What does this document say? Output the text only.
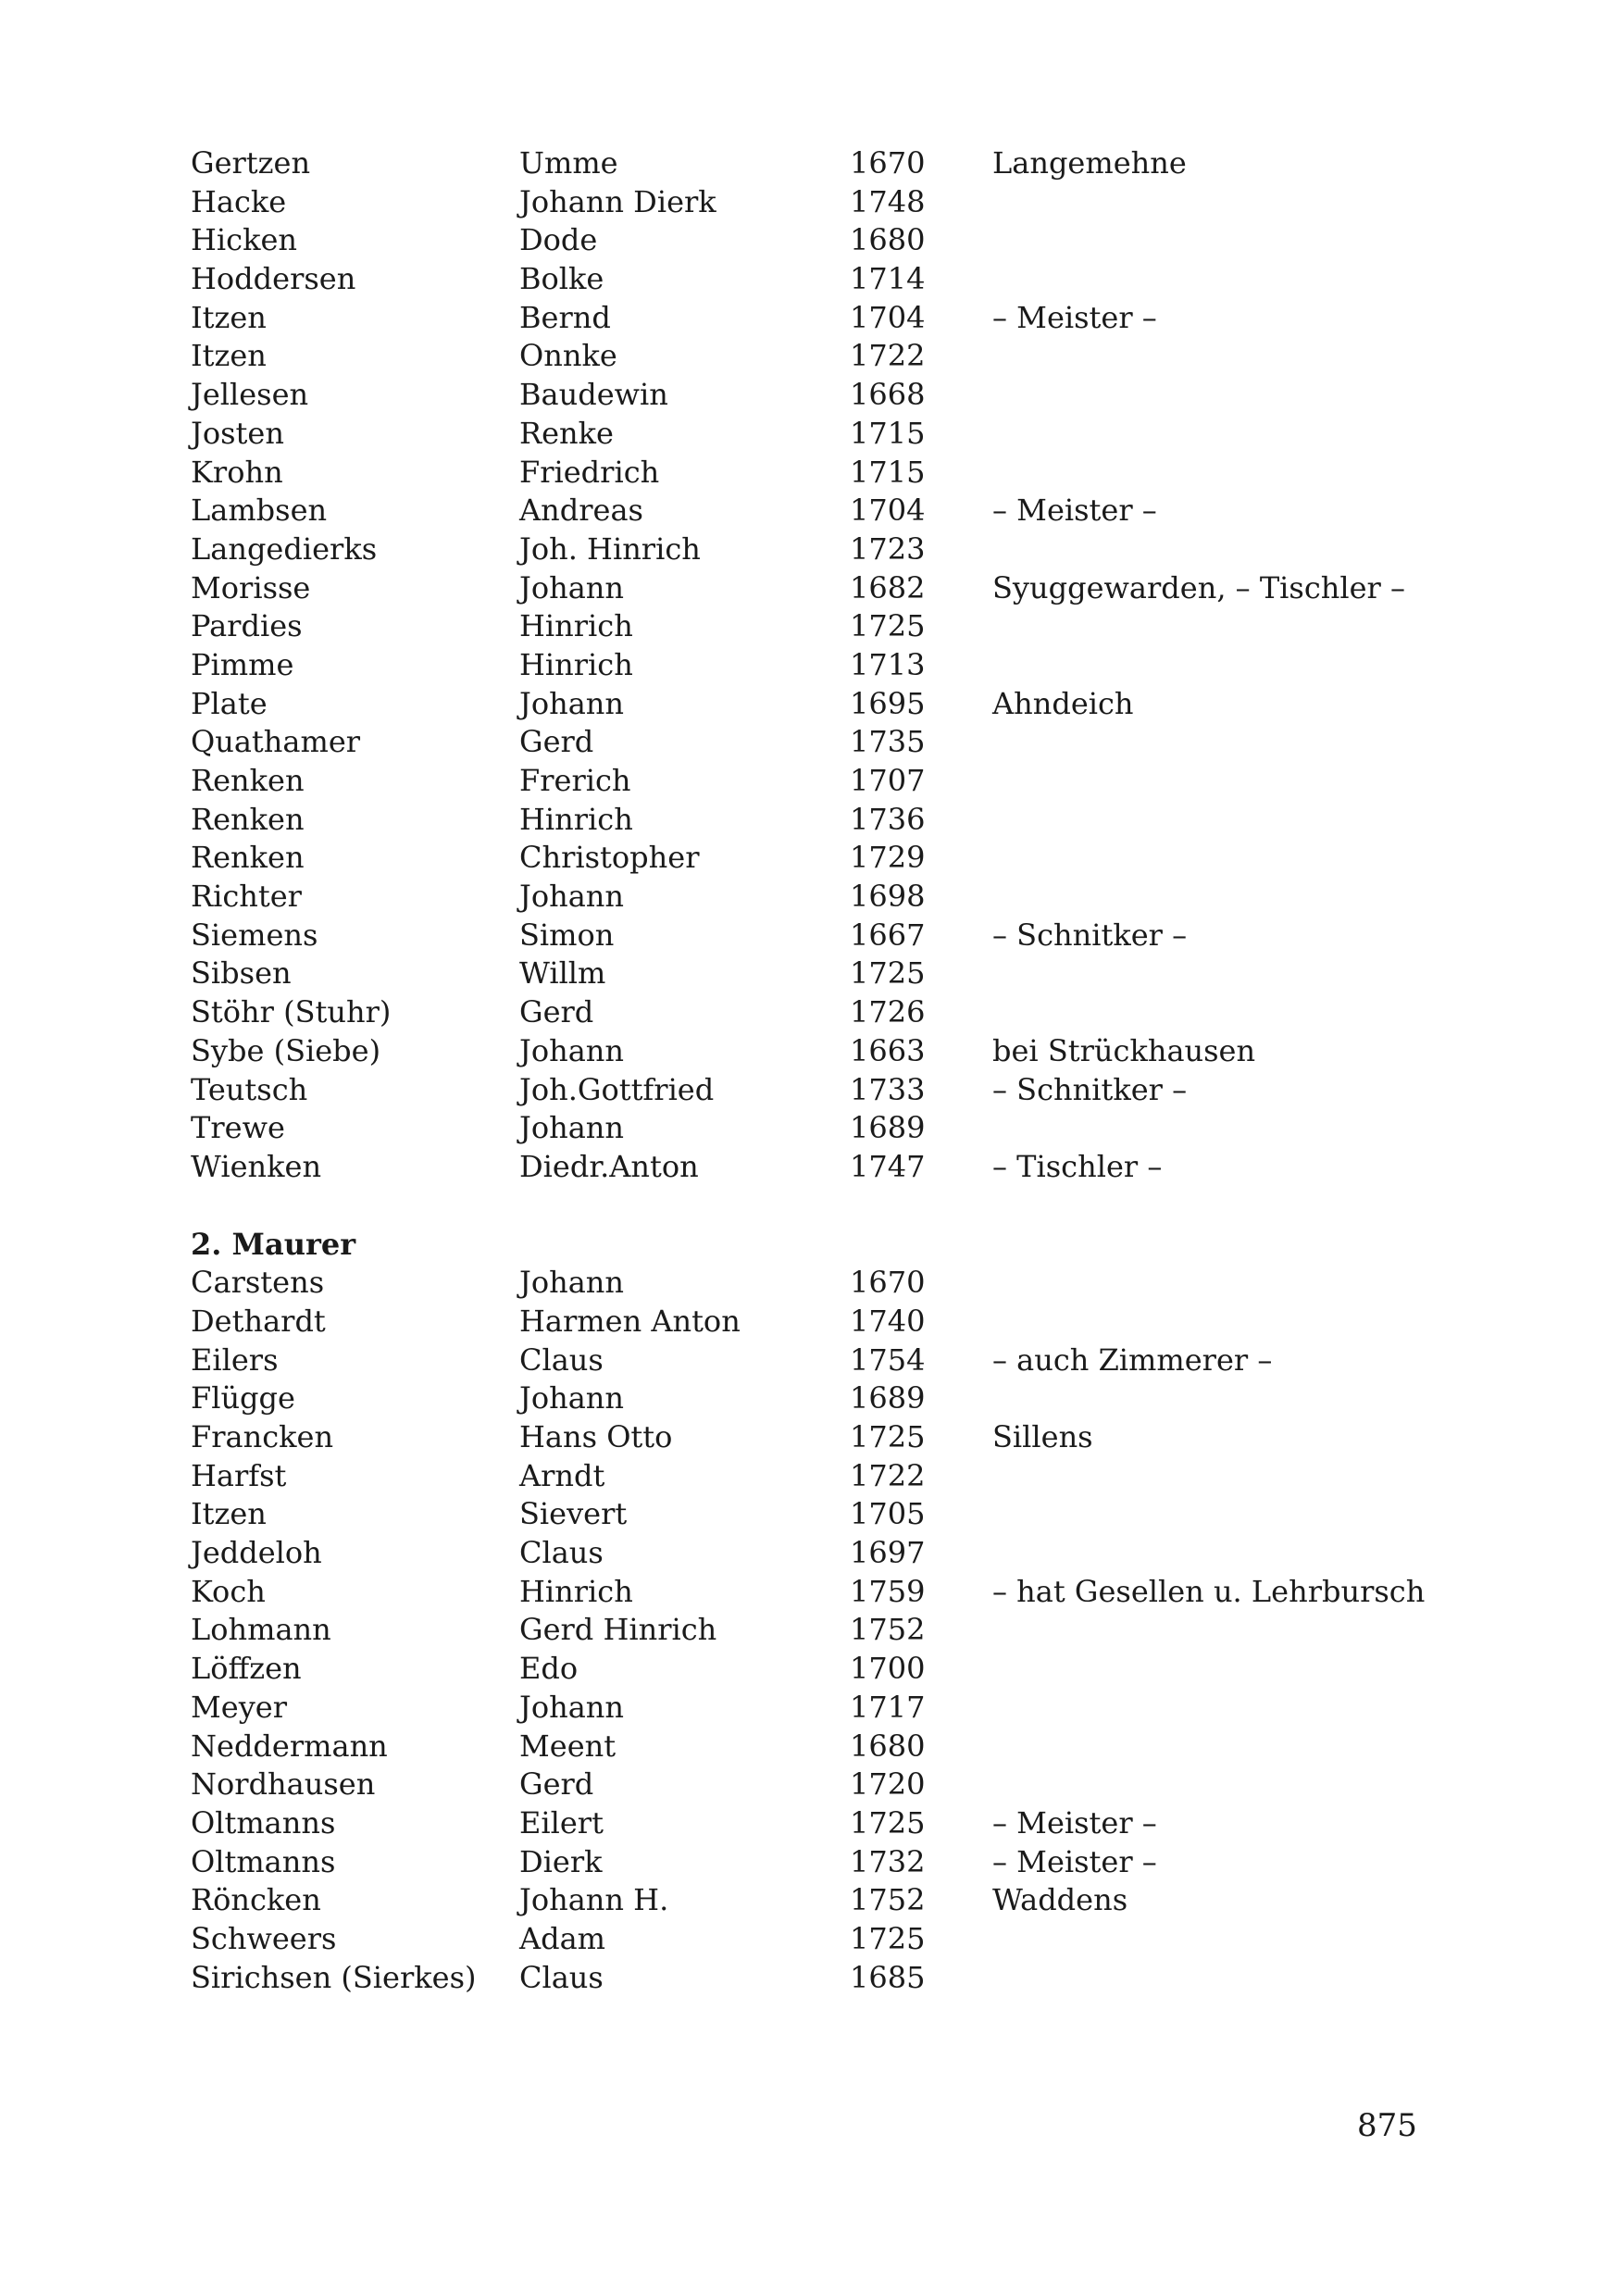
Gertzen	Umme	1670 Langemehne
Hacke	Johann Dierk	1748
Hicken	Dode	1680
Hoddersen	Bolke	1714
Itzen	Bernd	1704 – Meister –
Itzen	Onnke	1722
Jellesen	Baudewin	1668
Josten	Renke	1715
Krohn	Friedrich	1715
Lambsen	Andreas	1704 – Meister –
Langedierks	Joh. Hinrich	1723
Morisse	Johann	1682 Syuggewarden, – Tischler –
Pardies	Hinrich	1725
Pimme	Hinrich	1713
Plate	Johann	1695 Ahndeich
Quathamer	Gerd	1735
Renken	Frerich	1707
Renken	Hinrich	1736
Renken	Christopher	1729
Richter	Johann	1698
Siemens	Simon	1667 – Schnitker –
Sibsen	Willm	1725
Stöhr (Stuhr)	Gerd	1726
Sybe (Siebe)	Johann	1663 bei Strückhausen
Teutsch	Joh.Gottfried	1733 – Schnitker –
Trewe	Johann	1689
Wienken	Diedr.Anton	1747 – Tischler –
2. Maurer
Carstens	Johann	1670
Dethardt	Harmen Anton	1740
Eilers	Claus	1754 – auch Zimmerer –
Flügge	Johann	1689
Francken	Hans Otto	1725 Sillens
Harfst	Arndt	1722
Itzen	Sievert	1705
Jeddeloh	Claus	1697
Koch	Hinrich	1759 – hat Gesellen u. Lehrbursch
Lohmann	Gerd Hinrich	1752
Löffzen	Edo	1700
Meyer	Johann	1717
Neddermann	Meent	1680
Nordhausen	Gerd	1720
Oltmanns	Eilert	1725 – Meister –
Oltmanns	Dierk	1732 – Meister –
Röncken	Johann H.	1752 Waddens
Schweers	Adam	1725
Sirichsen (Sierkes) Claus	1685
875
